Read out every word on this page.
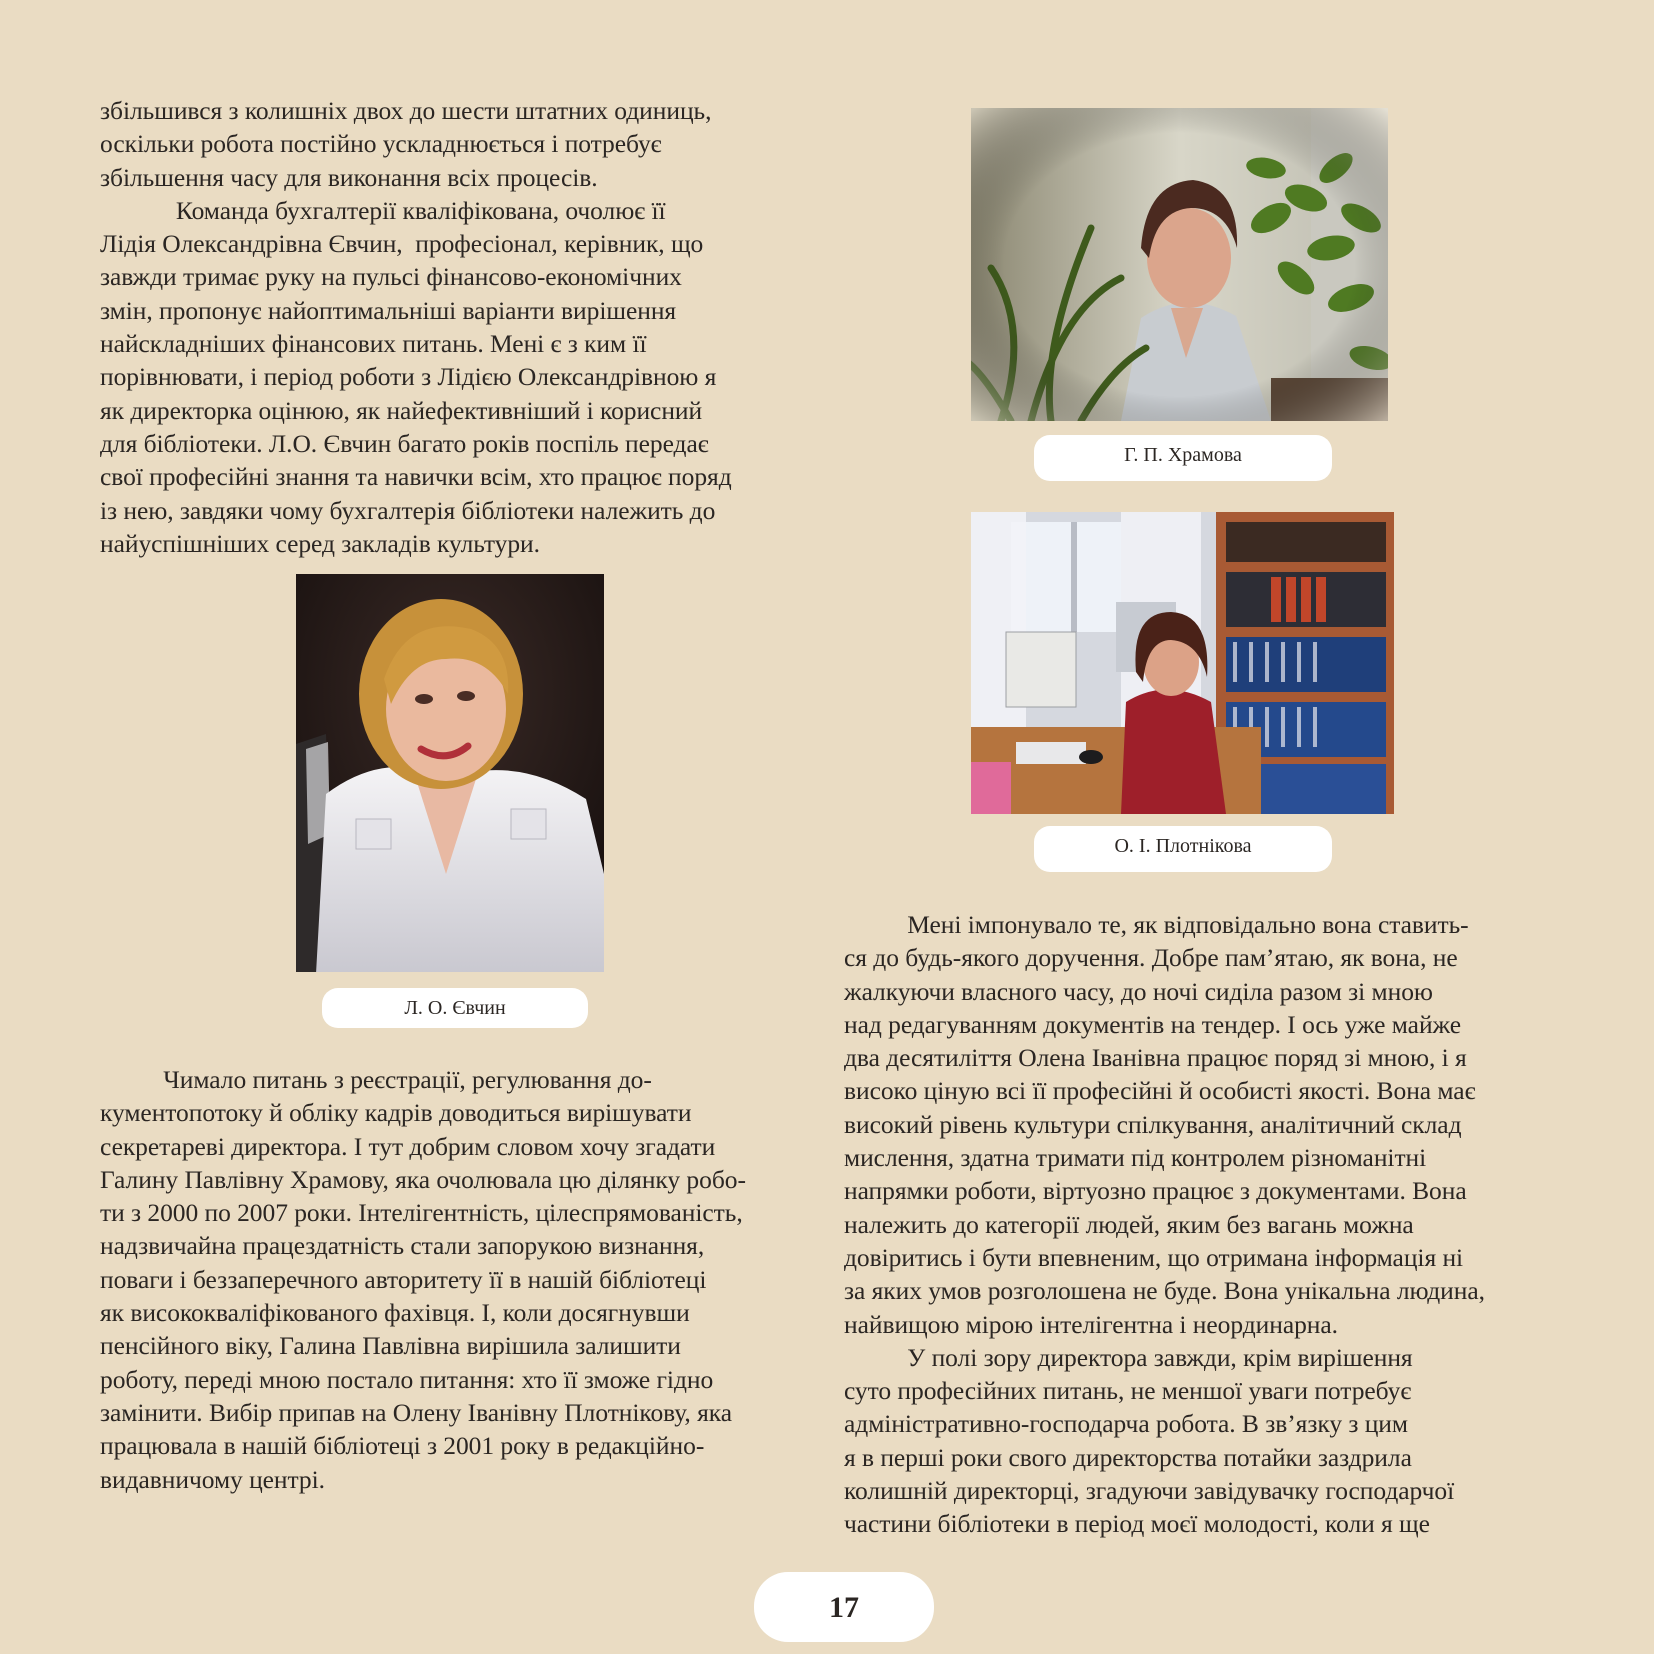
збільшився з колишніх двох до шести штатних одиниць,
оскільки робота постійно ускладнюється і потребує
збільшення часу для виконання всіх процесів.
Команда бухгалтерії кваліфікована, очолює її
Лідія Олександрівна Євчин,  професіонал, керівник, що
завжди тримає руку на пульсі фінансово-економічних
змін, пропонує найоптимальніші варіанти вирішення
найскладніших фінансових питань. Мені є з ким її
порівнювати, і період роботи з Лідією Олександрівною я
як директорка оцінюю, як найефективніший і корисний
для бібліотеки. Л.О. Євчин багато років поспіль передає
свої професійні знання та навички всім, хто працює поряд
із нею, завдяки чому бухгалтерія бібліотеки належить до
найуспішніших серед закладів культури.
Л. О. Євчин
Чимало питань з реєстрації, регулювання до-
кументопотоку й обліку кадрів доводиться вирішувати
секретареві директора. І тут добрим словом хочу згадати
Галину Павлівну Храмову, яка очолювала цю ділянку робо-
ти з 2000 по 2007 роки. Інтелігентність, цілеспрямованість,
надзвичайна працездатність стали запорукою визнання,
поваги і беззаперечного авторитету її в нашій бібліотеці
як висококваліфікованого фахівця. І, коли досягнувши
пенсійного віку, Галина Павлівна вирішила залишити
роботу, переді мною постало питання: хто її зможе гідно
замінити. Вибір припав на Олену Іванівну Плотнікову, яка
працювала в нашій бібліотеці з 2001 року в редакційно-
видавничому центрі.
Г. П. Храмова
О. І. Плотнікова
Мені імпонувало те, як відповідально вона ставить-
ся до будь-якого доручення. Добре пам’ятаю, як вона, не
жалкуючи власного часу, до ночі сиділа разом зі мною
над редагуванням документів на тендер. І ось уже майже
два десятиліття Олена Іванівна працює поряд зі мною, і я
високо ціную всі її професійні й особисті якості. Вона має
високий рівень культури спілкування, аналітичний склад
мислення, здатна тримати під контролем різноманітні
напрямки роботи, віртуозно працює з документами. Вона
належить до категорії людей, яким без вагань можна
довіритись і бути впевненим, що отримана інформація ні
за яких умов розголошена не буде. Вона унікальна людина,
найвищою мірою інтелігентна і неординарна.
У полі зору директора завжди, крім вирішення
суто професійних питань, не меншої уваги потребує
адміністративно-господарча робота. В зв’язку з цим
я в перші роки свого директорства потайки заздрила
колишній директорці, згадуючи завідувачку господарчої
частини бібліотеки в період моєї молодості, коли я ще
17
